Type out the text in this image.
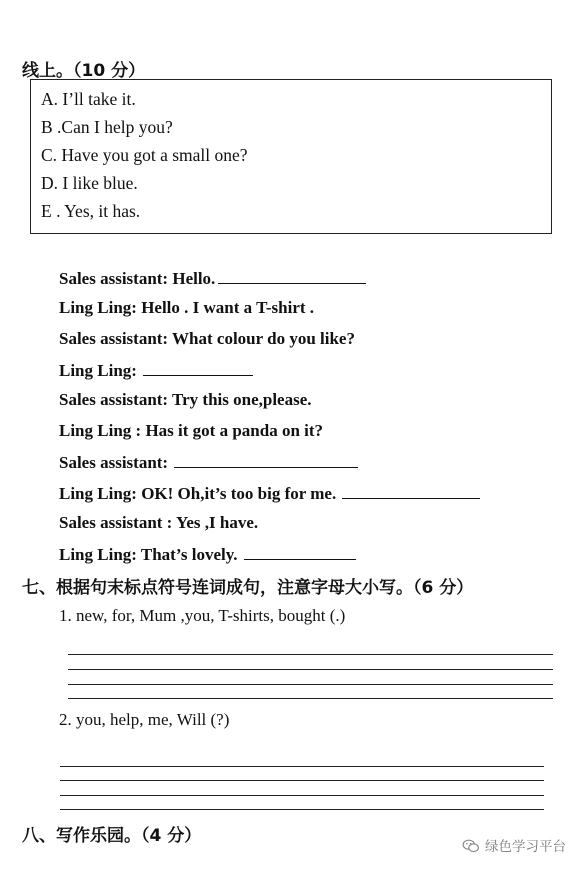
线上。（10 分）
A. I’ll take it.
B .Can I help you?
C. Have you got a small one?
D. I like blue.
E . Yes, it has.
Sales assistant: Hello.
Ling Ling: Hello . I want a T-shirt .
Sales assistant: What colour do you like?
Ling Ling:
Sales assistant: Try this one,please.
Ling Ling : Has it got a panda on it?
Sales assistant:
Ling Ling: OK! Oh,it’s too big for me.
Sales assistant : Yes ,I have.
Ling Ling: That’s lovely.
七、根据句末标点符号连词成句，注意字母大小写。（6 分）
1. new, for, Mum ,you, T-shirts, bought (.)
2. you, help, me, Will (?)
八、写作乐园。（4 分）
绿色学习平台
